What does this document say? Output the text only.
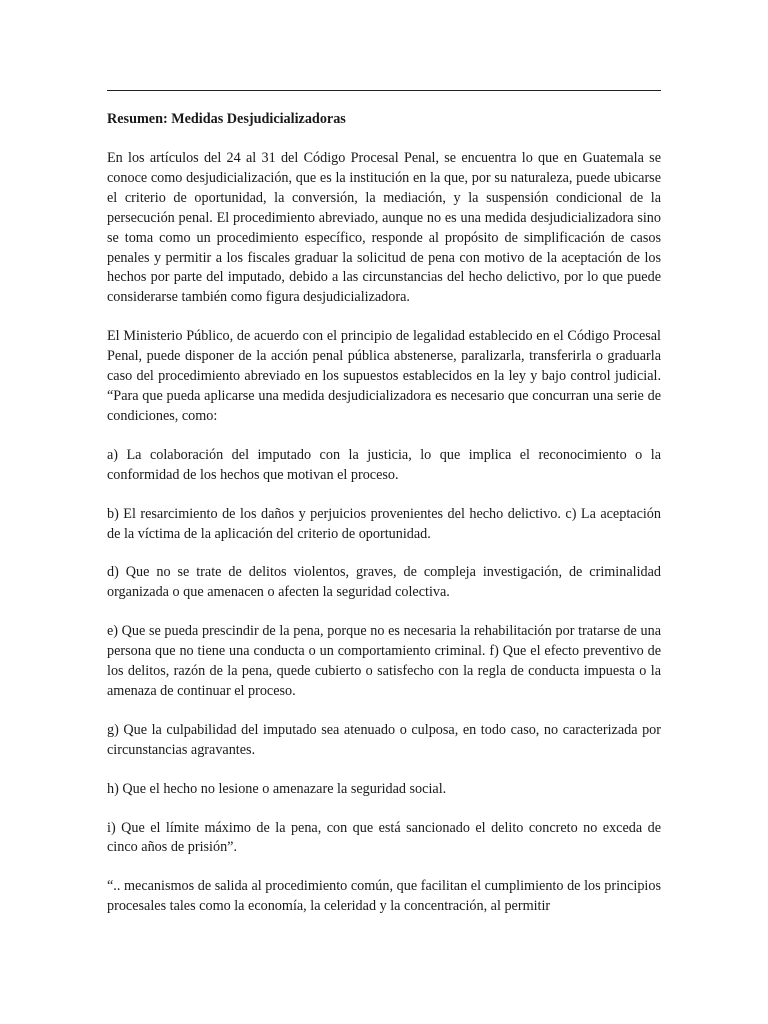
Resumen: Medidas Desjudicializadoras

En los artículos del 24 al 31 del Código Procesal Penal, se encuentra lo que en Guatemala se conoce como desjudicialización, que es la institución en la que, por su naturaleza, puede ubicarse el criterio de oportunidad, la conversión, la mediación, y la suspensión condicional de la persecución penal. El procedimiento abreviado, aunque no es una medida desjudicializadora sino se toma como un procedimiento específico, responde al propósito de simplificación de casos penales y permitir a los fiscales graduar la solicitud de pena con motivo de la aceptación de los hechos por parte del imputado, debido a las circunstancias del hecho delictivo, por lo que puede considerarse también como figura desjudicializadora.

El Ministerio Público, de acuerdo con el principio de legalidad establecido en el Código Procesal Penal, puede disponer de la acción penal pública abstenerse, paralizarla, transferirla o graduarla caso del procedimiento abreviado en los supuestos establecidos en la ley y bajo control judicial. “Para que pueda aplicarse una medida desjudicializadora es necesario que concurran una serie de condiciones, como:

a) La colaboración del imputado con la justicia, lo que implica el reconocimiento o la conformidad de los hechos que motivan el proceso.

b) El resarcimiento de los daños y perjuicios provenientes del hecho delictivo. c) La aceptación de la víctima de la aplicación del criterio de oportunidad.

d) Que no se trate de delitos violentos, graves, de compleja investigación, de criminalidad organizada o que amenacen o afecten la seguridad colectiva.

e) Que se pueda prescindir de la pena, porque no es necesaria la rehabilitación por tratarse de una persona que no tiene una conducta o un comportamiento criminal. f) Que el efecto preventivo de los delitos, razón de la pena, quede cubierto o satisfecho con la regla de conducta impuesta o la amenaza de continuar el proceso.

g) Que la culpabilidad del imputado sea atenuado o culposa, en todo caso, no caracterizada por circunstancias agravantes.

h) Que el hecho no lesione o amenazare la seguridad social.

i) Que el límite máximo de la pena, con que está sancionado el delito concreto no exceda de cinco años de prisión”.

“.. mecanismos de salida al procedimiento común, que facilitan el cumplimiento de los principios procesales tales como la economía, la celeridad y la concentración, al permitir
